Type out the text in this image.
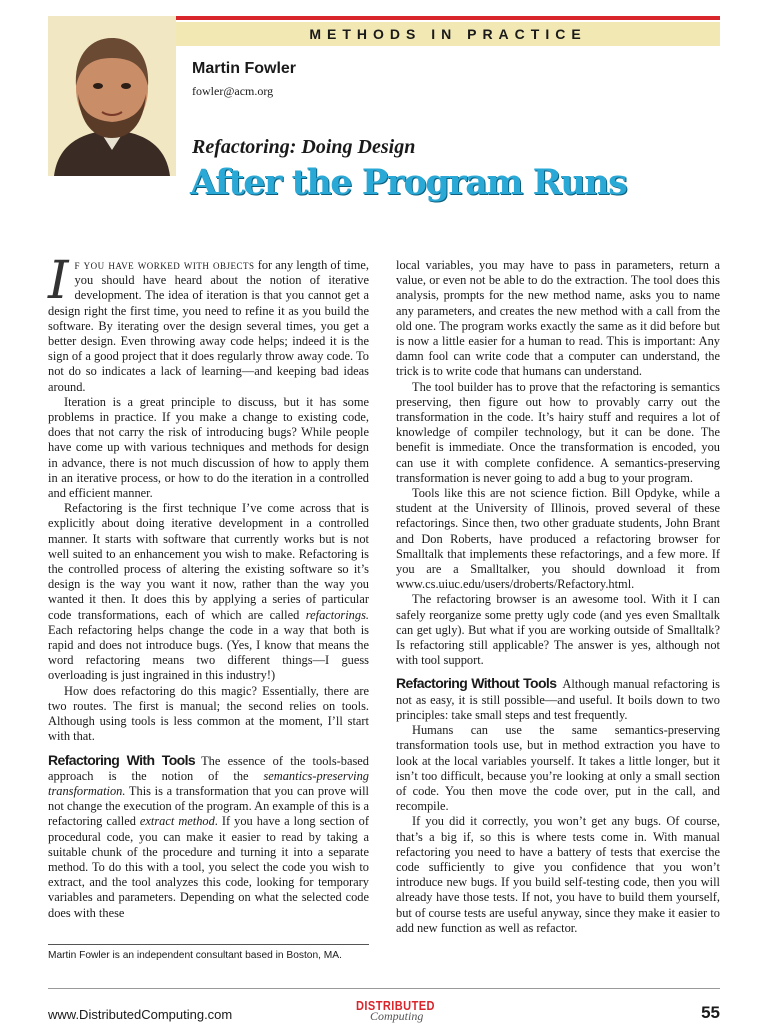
METHODS IN PRACTICE
Martin Fowler
fowler@acm.org
Refactoring: Doing Design
After the Program Runs

If you have worked with objects for any length of time, you should have heard about the notion of iterative development. The idea of iteration is that you cannot get a design right the first time, you need to refine it as you build the software. By iterating over the design several times, you get a better design. Even throwing away code helps; indeed it is the sign of a good project that it does regularly throw away code. To not do so indicates a lack of learning—and keeping bad ideas around.

Iteration is a great principle to discuss, but it has some problems in practice. If you make a change to existing code, does that not carry the risk of introducing bugs? While people have come up with various techniques and methods for design in advance, there is not much discussion of how to apply them in an iterative process, or how to do the iteration in a controlled and efficient manner.

Refactoring is the first technique I’ve come across that is explicitly about doing iterative development in a controlled manner. It starts with software that currently works but is not well suited to an enhancement you wish to make. Refactoring is the controlled process of altering the existing software so it’s design is the way you want it now, rather than the way you wanted it then. It does this by applying a series of particular code transformations, each of which are called refactorings. Each refactoring helps change the code in a way that both is rapid and does not introduce bugs. (Yes, I know that means the word refactoring means two different things—I guess overloading is just ingrained in this industry!)

How does refactoring do this magic? Essentially, there are two routes. The first is manual; the second relies on tools. Although using tools is less common at the moment, I’ll start with that.

Refactoring With Tools The essence of the tools-based approach is the notion of the semantics-preserving transformation. This is a transformation that you can prove will not change the execution of the program. An example of this is a refactoring called extract method. If you have a long section of procedural code, you can make it easier to read by taking a suitable chunk of the procedure and turning it into a separate method. To do this with a tool, you select the code you wish to extract, and the tool analyzes this code, looking for temporary variables and parameters. Depending on what the selected code does with these

local variables, you may have to pass in parameters, return a value, or even not be able to do the extraction. The tool does this analysis, prompts for the new method name, asks you to name any parameters, and creates the new method with a call from the old one. The program works exactly the same as it did before but is now a little easier for a human to read. This is important: Any damn fool can write code that a computer can understand, the trick is to write code that humans can understand.

The tool builder has to prove that the refactoring is semantics preserving, then figure out how to provably carry out the transformation in the code. It’s hairy stuff and requires a lot of knowledge of compiler technology, but it can be done. The benefit is immediate. Once the transformation is encoded, you can use it with complete confidence. A semantics-preserving transformation is never going to add a bug to your program.

Tools like this are not science fiction. Bill Opdyke, while a student at the University of Illinois, proved several of these refactorings. Since then, two other graduate students, John Brant and Don Roberts, have produced a refactoring browser for Smalltalk that implements these refactorings, and a few more. If you are a Smalltalker, you should download it from www.cs.uiuc.edu/users/droberts/Refactory.html.

The refactoring browser is an awesome tool. With it I can safely reorganize some pretty ugly code (and yes even Smalltalk can get ugly). But what if you are working outside of Smalltalk? Is refactoring still applicable? The answer is yes, although not with tool support.

Refactoring Without Tools Although manual refactoring is not as easy, it is still possible—and useful. It boils down to two principles: take small steps and test frequently.

Humans can use the same semantics-preserving transformation tools use, but in method extraction you have to look at the local variables yourself. It takes a little longer, but it isn’t too difficult, because you’re looking at only a small section of code. You then move the code over, put in the call, and recompile.

If you did it correctly, you won’t get any bugs. Of course, that’s a big if, so this is where tests come in. With manual refactoring you need to have a battery of tests that exercise the code sufficiently to give you confidence that you won’t introduce new bugs. If you build self-testing code, then you will already have those tests. If not, you have to build them yourself, but of course tests are useful anyway, since they make it easier to add new function as well as refactor.

Martin Fowler is an independent consultant based in Boston, MA.
www.DistributedComputing.com
DISTRIBUTED
Computing	55
